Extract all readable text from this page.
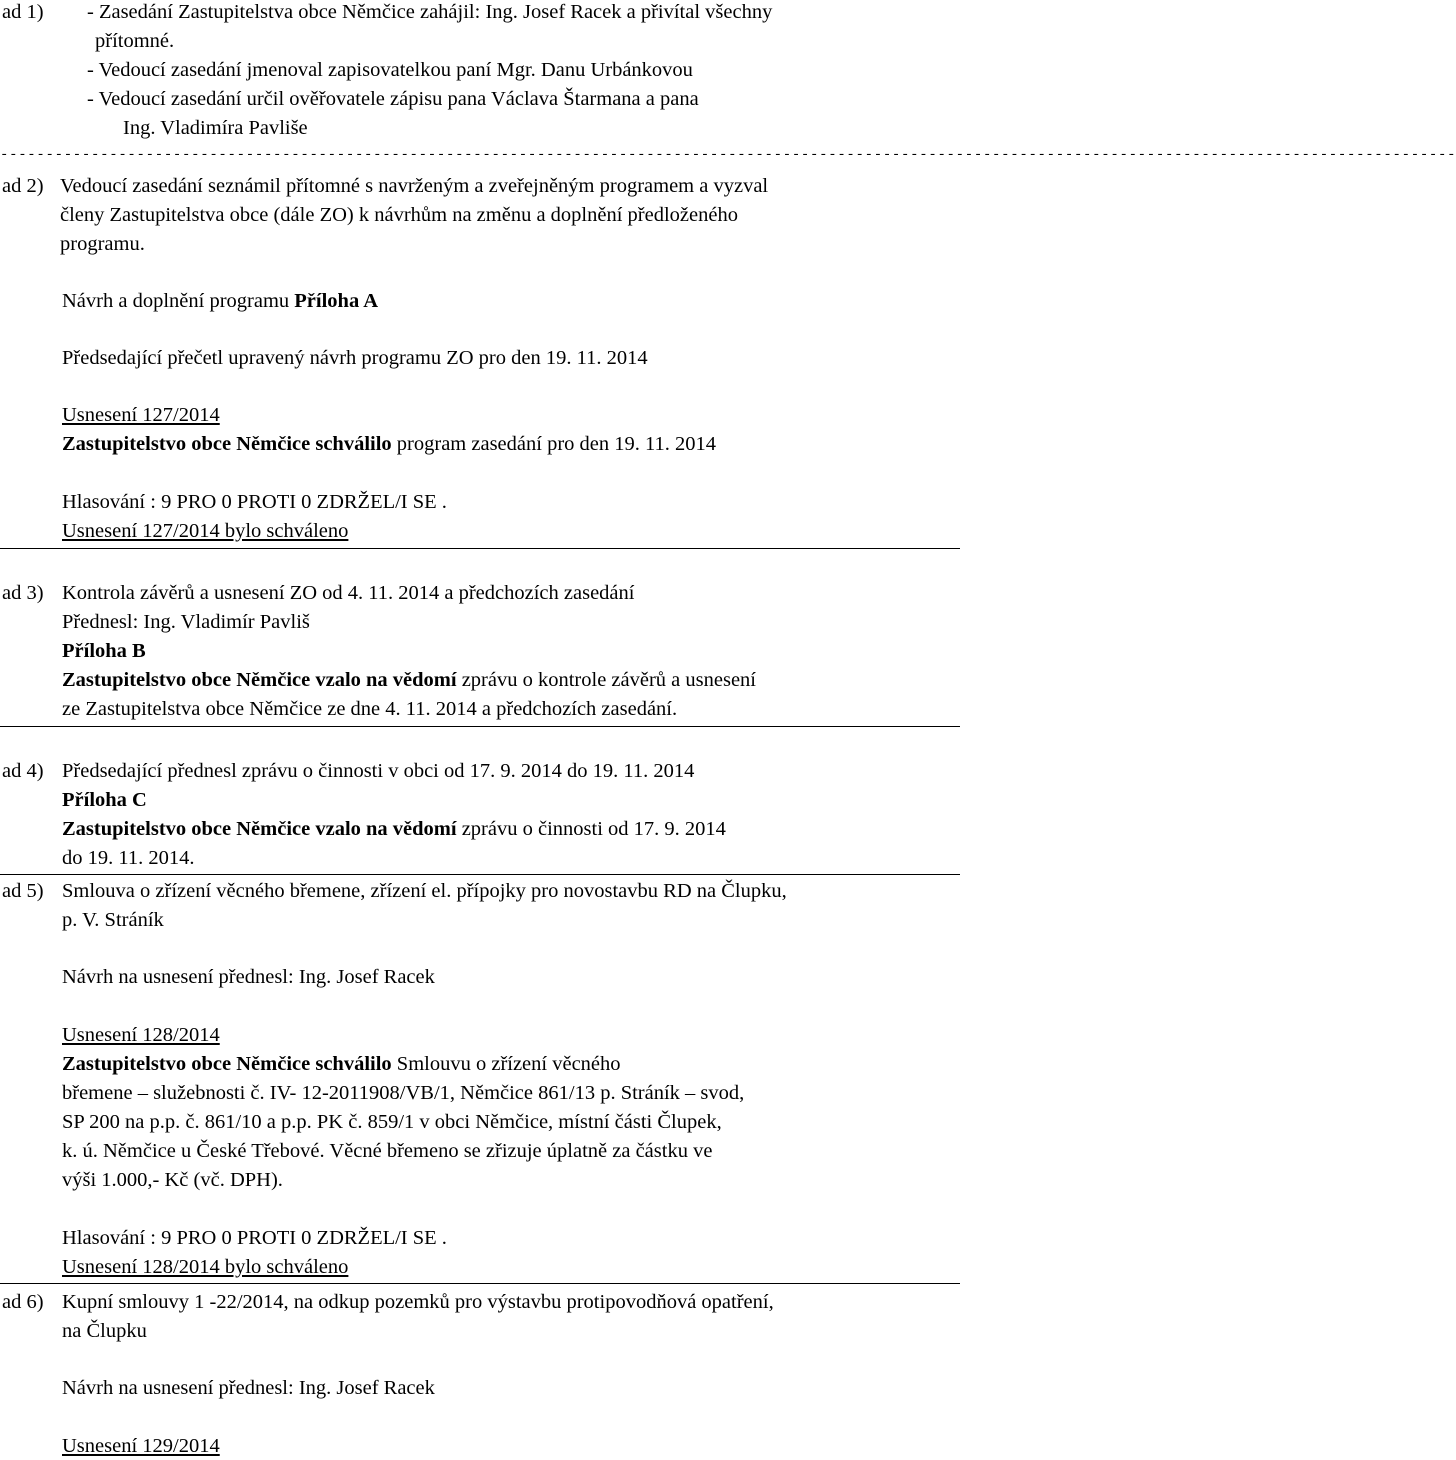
ad 1) - Zasedání Zastupitelstva obce Němčice zahájil: Ing. Josef Racek a přivítal všechny
přítomné.
- Vedoucí zasedání jmenoval zapisovatelkou paní Mgr. Danu Urbánkovou
- Vedoucí zasedání určil ověřovatele zápisu pana Václava Štarmana a pana
Ing. Vladimíra Pavliše
----------------------------------------------------------------------------------------------------------------------------------------------------------------
ad 2) Vedoucí zasedání seznámil přítomné s navrženým a zveřejněným programem a vyzval
členy Zastupitelstva obce (dále ZO) k návrhům na změnu a doplnění předloženého
programu.
Návrh a doplnění programu Příloha A
Předsedající přečetl upravený návrh programu ZO pro den 19. 11. 2014
Usnesení 127/2014
Zastupitelstvo obce Němčice schválilo program zasedání pro den 19. 11. 2014
Hlasování : 9 PRO 0 PROTI 0 ZDRŽEL/I SE .
Usnesení 127/2014 bylo schváleno
ad 3) Kontrola závěrů a usnesení ZO od 4. 11. 2014 a předchozích zasedání
Přednesl: Ing. Vladimír Pavliš
Příloha B
Zastupitelstvo obce Němčice vzalo na vědomí zprávu o kontrole závěrů a usnesení
ze Zastupitelstva obce Němčice ze dne 4. 11. 2014 a předchozích zasedání.
ad 4) Předsedající přednesl zprávu o činnosti v obci od 17. 9. 2014 do 19. 11. 2014
Příloha C
Zastupitelstvo obce Němčice vzalo na vědomí zprávu o činnosti od 17. 9. 2014
do 19. 11. 2014.
ad 5) Smlouva o zřízení věcného břemene, zřízení el. přípojky pro novostavbu RD na Člupku,
p. V. Stráník
Návrh na usnesení přednesl: Ing. Josef Racek
Usnesení 128/2014
Zastupitelstvo obce Němčice schválilo Smlouvu o zřízení věcného
břemene – služebnosti č. IV- 12-2011908/VB/1, Němčice 861/13 p. Stráník – svod,
SP 200 na p.p. č. 861/10 a p.p. PK č. 859/1 v obci Němčice, místní části Člupek,
k. ú. Němčice u České Třebové. Věcné břemeno se zřizuje úplatně za částku ve
výši 1.000,- Kč (vč. DPH).
Hlasování : 9 PRO 0 PROTI 0 ZDRŽEL/I SE .
Usnesení 128/2014 bylo schváleno
ad 6) Kupní smlouvy 1 -22/2014, na odkup pozemků pro výstavbu protipovodňová opatření,
na Člupku
Návrh na usnesení přednesl: Ing. Josef Racek
Usnesení 129/2014
